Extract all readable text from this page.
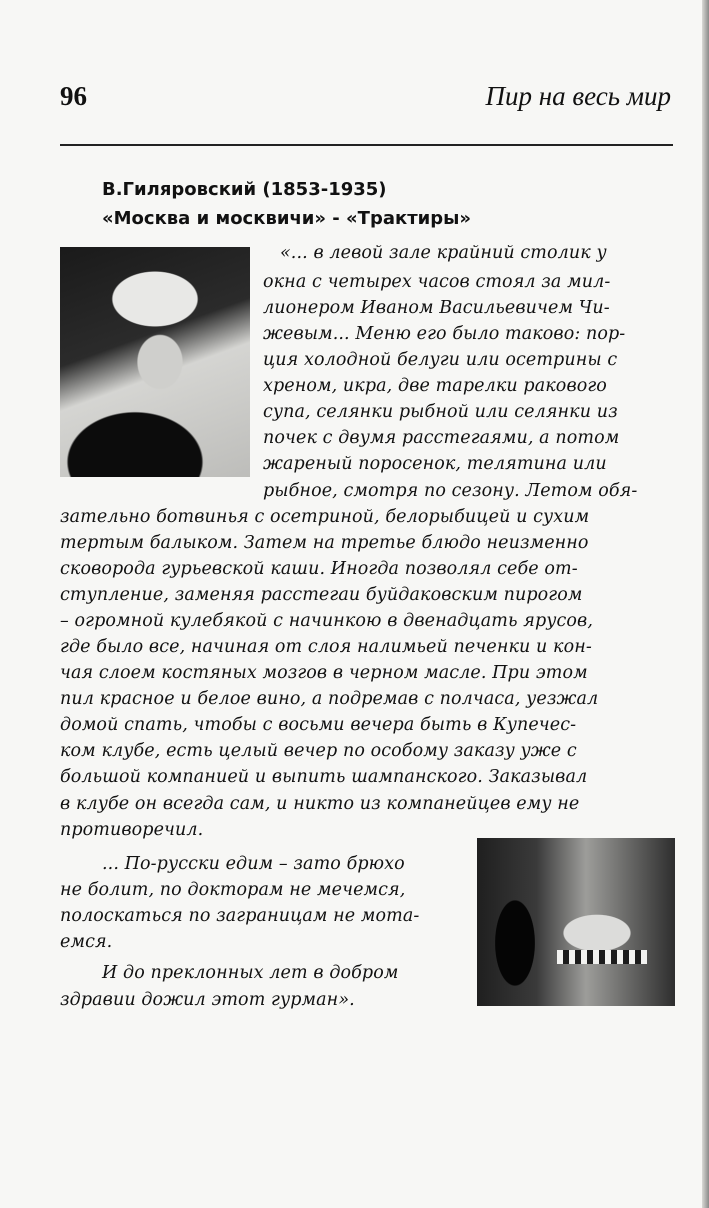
96	Пир на весь мир
В.Гиляровский (1853-1935)
«Москва и москвичи» - «Трактиры»
«... в левой зале крайний столик у
окна с четырех часов стоял за мил-
лионером Иваном Васильевичем Чи-
жевым... Меню его было таково: пор-
ция холодной белуги или осетрины с
хреном, икра, две тарелки ракового
супа, селянки рыбной или селянки из
почек с двумя расстегаями, а потом
жареный поросенок, телятина или
рыбное, смотря по сезону. Летом обя-
зательно ботвинья с осетриной, белорыбицей и сухим
тертым балыком. Затем на третье блюдо неизменно
сковорода гурьевской каши. Иногда позволял себе от-
ступление, заменяя расстегаи буйдаковским пирогом
– огромной кулебякой с начинкою в двенадцать ярусов,
где было все, начиная от слоя налимьей печенки и кон-
чая слоем костяных мозгов в черном масле. При этом
пил красное и белое вино, а подремав с полчаса, уезжал
домой спать, чтобы с восьми вечера быть в Купечес-
ком клубе, есть целый вечер по особому заказу уже с
большой компанией и выпить шампанского. Заказывал
в клубе он всегда сам, и никто из компанейцев ему не
противоречил.
... По-русски едим – зато брюхо
не болит, по докторам не мечемся,
полоскаться по заграницам не мота-
емся.
И до преклонных лет в добром
здравии дожил этот гурман».
